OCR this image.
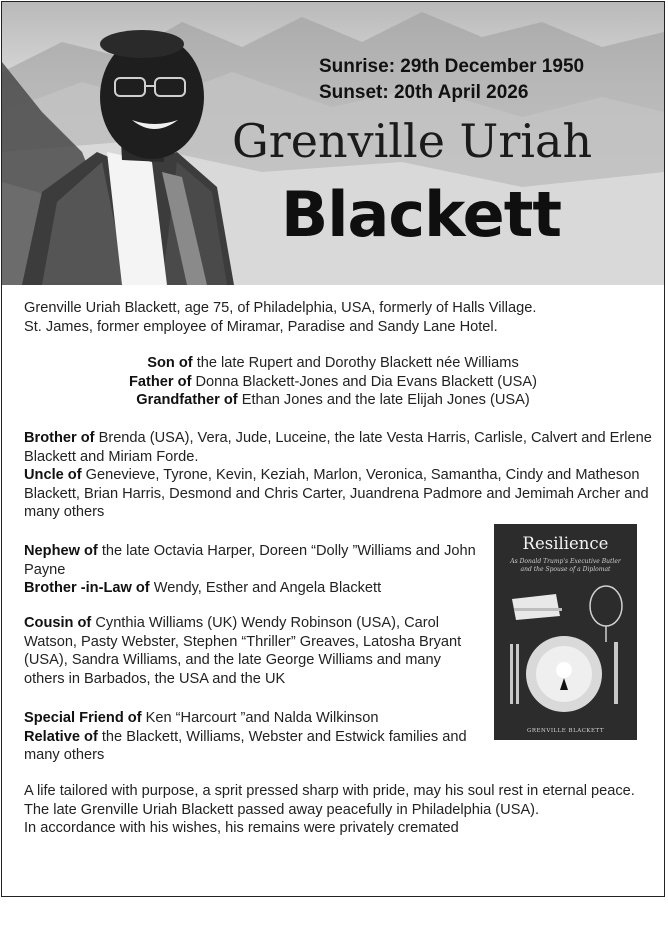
Sunrise: 29th December 1950
Sunset: 20th April 2026
Grenville Uriah
Blackett
Grenville Uriah Blackett, age 75, of Philadelphia, USA, formerly of Halls Village.
St. James, former employee of Miramar, Paradise and Sandy Lane Hotel.
Son of the late Rupert and Dorothy Blackett née Williams
Father of Donna Blackett-Jones and Dia Evans Blackett (USA)
Grandfather of Ethan Jones and the late Elijah Jones (USA)
Brother of Brenda (USA), Vera, Jude, Luceine, the late Vesta Harris, Carlisle, Calvert and Erlene Blackett and Miriam Forde.
Uncle of Genevieve, Tyrone, Kevin, Keziah, Marlon, Veronica, Samantha, Cindy and Matheson Blackett, Brian Harris, Desmond and Chris Carter, Juandrena Padmore and Jemimah Archer and many others
Nephew of the late Octavia Harper, Doreen “Dolly ”Williams and John Payne
Brother -in-Law of Wendy, Esther and Angela Blackett
Cousin of Cynthia Williams (UK) Wendy Robinson (USA), Carol Watson, Pasty Webster, Stephen “Thriller” Greaves, Latosha Bryant (USA), Sandra Williams, and the late George Williams and many others in Barbados, the USA and the UK
Special Friend of Ken “Harcourt ”and Nalda Wilkinson
Relative of the Blackett, Williams, Webster and Estwick families and many others
A life tailored with purpose, a sprit pressed sharp with pride, may his soul rest in eternal peace.
The late Grenville Uriah Blackett passed away peacefully in Philadelphia (USA).
In accordance with his wishes, his remains were privately cremated
Resilience
As Donald Trump's Executive Butler and the Spouse of a Diplomat
GRENVILLE BLACKETT
